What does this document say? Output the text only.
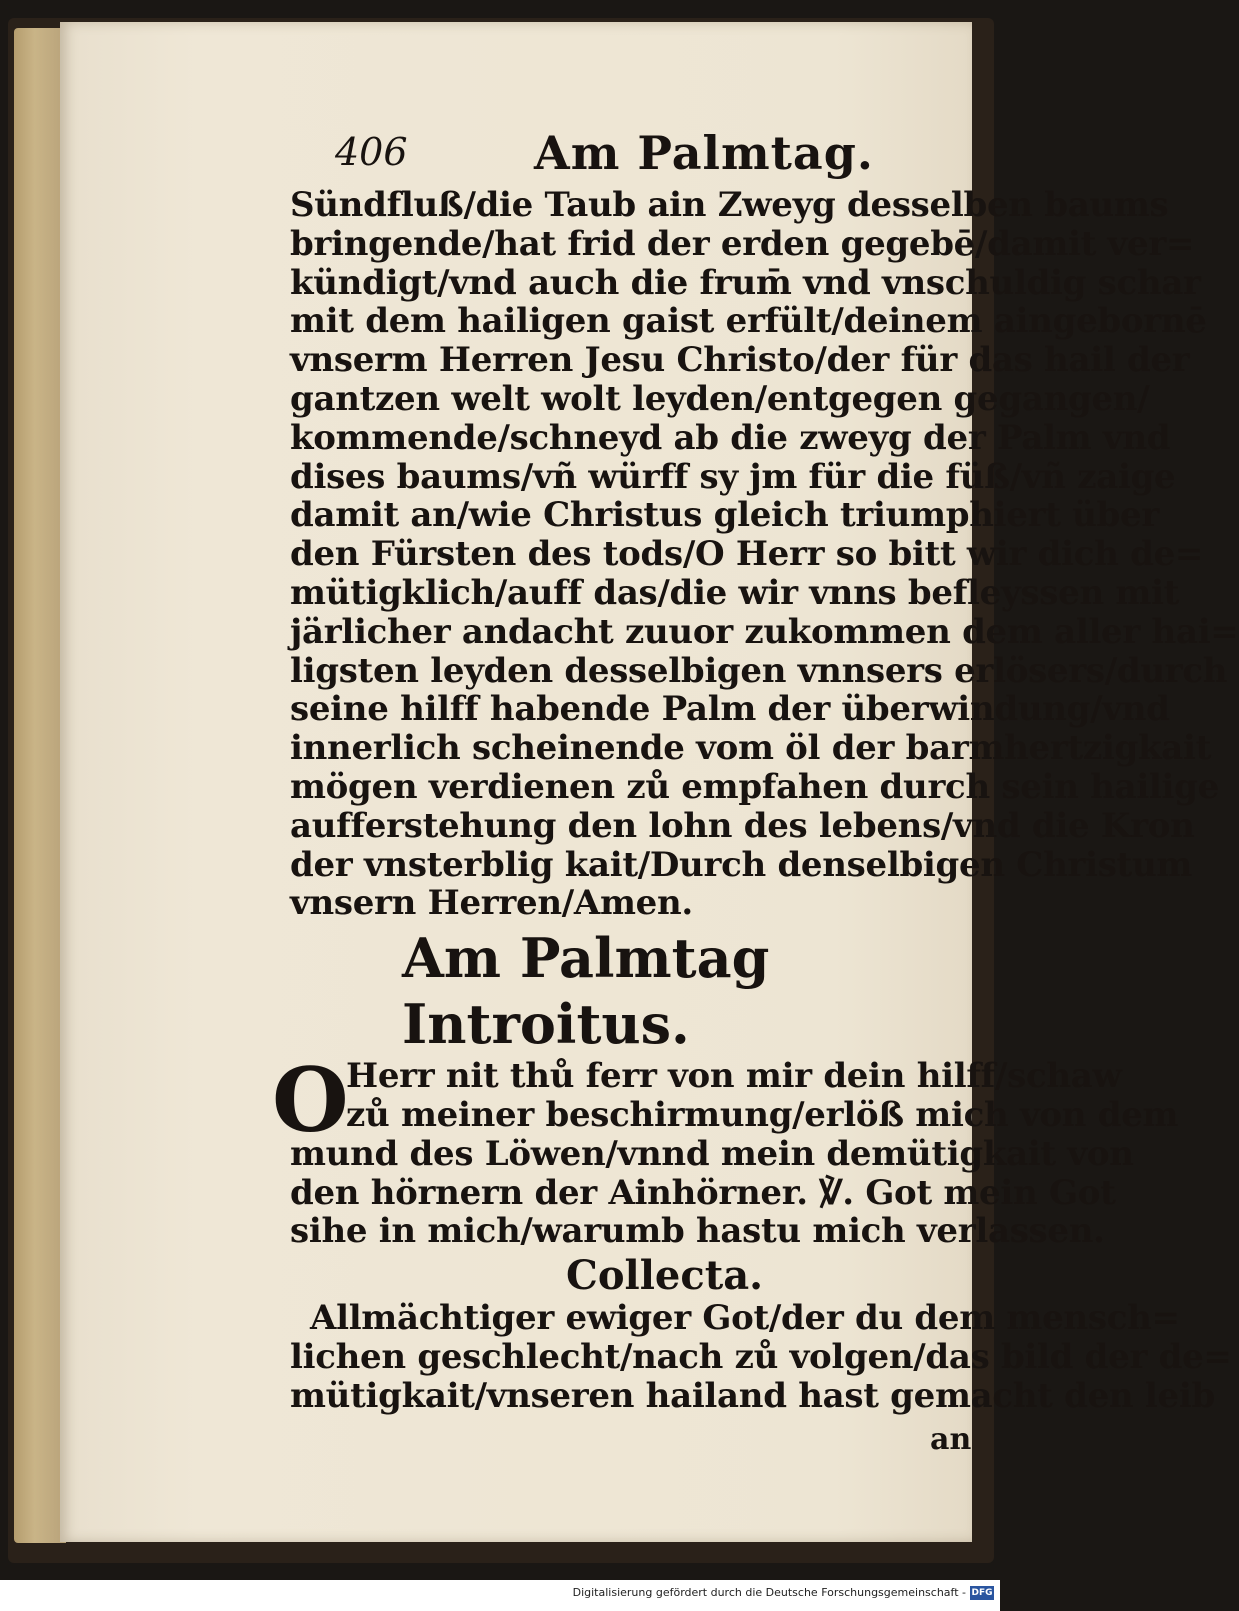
406	Am Palmtag.
Sündfluß/die Taub ain Zweyg desselben baums
bringende/hat frid der erden gegebē/damit ver=
kündigt/vnd auch die frum̄ vnd vnschuldig schar
mit dem hailigen gaist erfült/deinem aingebornē
vnserm Herren Jesu Christo/der für das hail der
gantzen welt wolt leyden/entgegen gegangen/
kommende/schneyd ab die zweyg der Palm vnd
dises baums/vñ würff sy jm für die füß/vñ zaige
damit an/wie Christus gleich triumphiert über
den Fürsten des tods/O Herr so bitt wir dich de=
mütigklich/auff das/die wir vnns befleyssen mit
järlicher andacht zuuor zukommen dem aller hai=
ligsten leyden desselbigen vnnsers erlösers/durch
seine hilff habende Palm der überwindung/vnd
innerlich scheinende vom öl der barmhertzigkait
mögen verdienen zů empfahen durch sein hailige
aufferstehung den lohn des lebens/vnd die Kron
der vnsterblig kait/Durch denselbigen Christum
vnsern Herren/Amen.
Am Palmtag Introitus.
O
Herr nit thů ferr von mir dein hilff/schaw
zů meiner beschirmung/erlöß mich von dem
mund des Löwen/vnnd mein demütigkait von
den hörnern der Ainhörner. ℣. Got mein Got
sihe in mich/warumb hastu mich verlassen.
Collecta.
Allmächtiger ewiger Got/der du dem mensch=
lichen geschlecht/nach zů volgen/das bild der de=
mütigkait/vnseren hailand hast gemacht den leib
an
Digitalisierung gefördert durch die Deutsche Forschungsgemeinschaft - DFG
